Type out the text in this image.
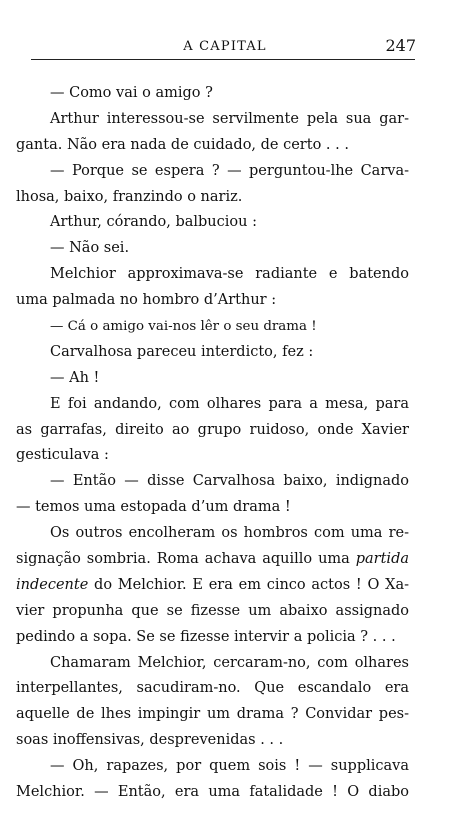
A CAPITAL	247
— Como vai o amigo ?
Arthur interessou-se servilmente pela sua gar-
ganta. Não era nada de cuidado, de certo . . .
— Porque se espera ? — perguntou-lhe Carva-
lhosa, baixo, franzindo o nariz.
Arthur, córando, balbuciou :
— Não sei.
Melchior approximava-se radiante e batendo
uma palmada no hombro d’Arthur :
— Cá o amigo vai-nos lêr o seu drama !
Carvalhosa pareceu interdicto, fez :
— Ah !
E foi andando, com olhares para a mesa, para
as garrafas, direito ao grupo ruidoso, onde Xavier
gesticulava :
— Então — disse Carvalhosa baixo, indignado
— temos uma estopada d’um drama !
Os outros encolheram os hombros com uma re-
signação sombria. Roma achava aquillo uma partida
indecente do Melchior. E era em cinco actos ! O Xa-
vier propunha que se fizesse um abaixo assignado
pedindo a sopa. Se se fizesse intervir a policia ? . . .
Chamaram Melchior, cercaram-no, com olhares
interpellantes, sacudiram-no. Que escandalo era
aquelle de lhes impingir um drama ? Convidar pes-
soas inoffensivas, desprevenidas . . .
— Oh, rapazes, por quem sois ! — supplicava
Melchior. — Então, era uma fatalidade ! O diabo
